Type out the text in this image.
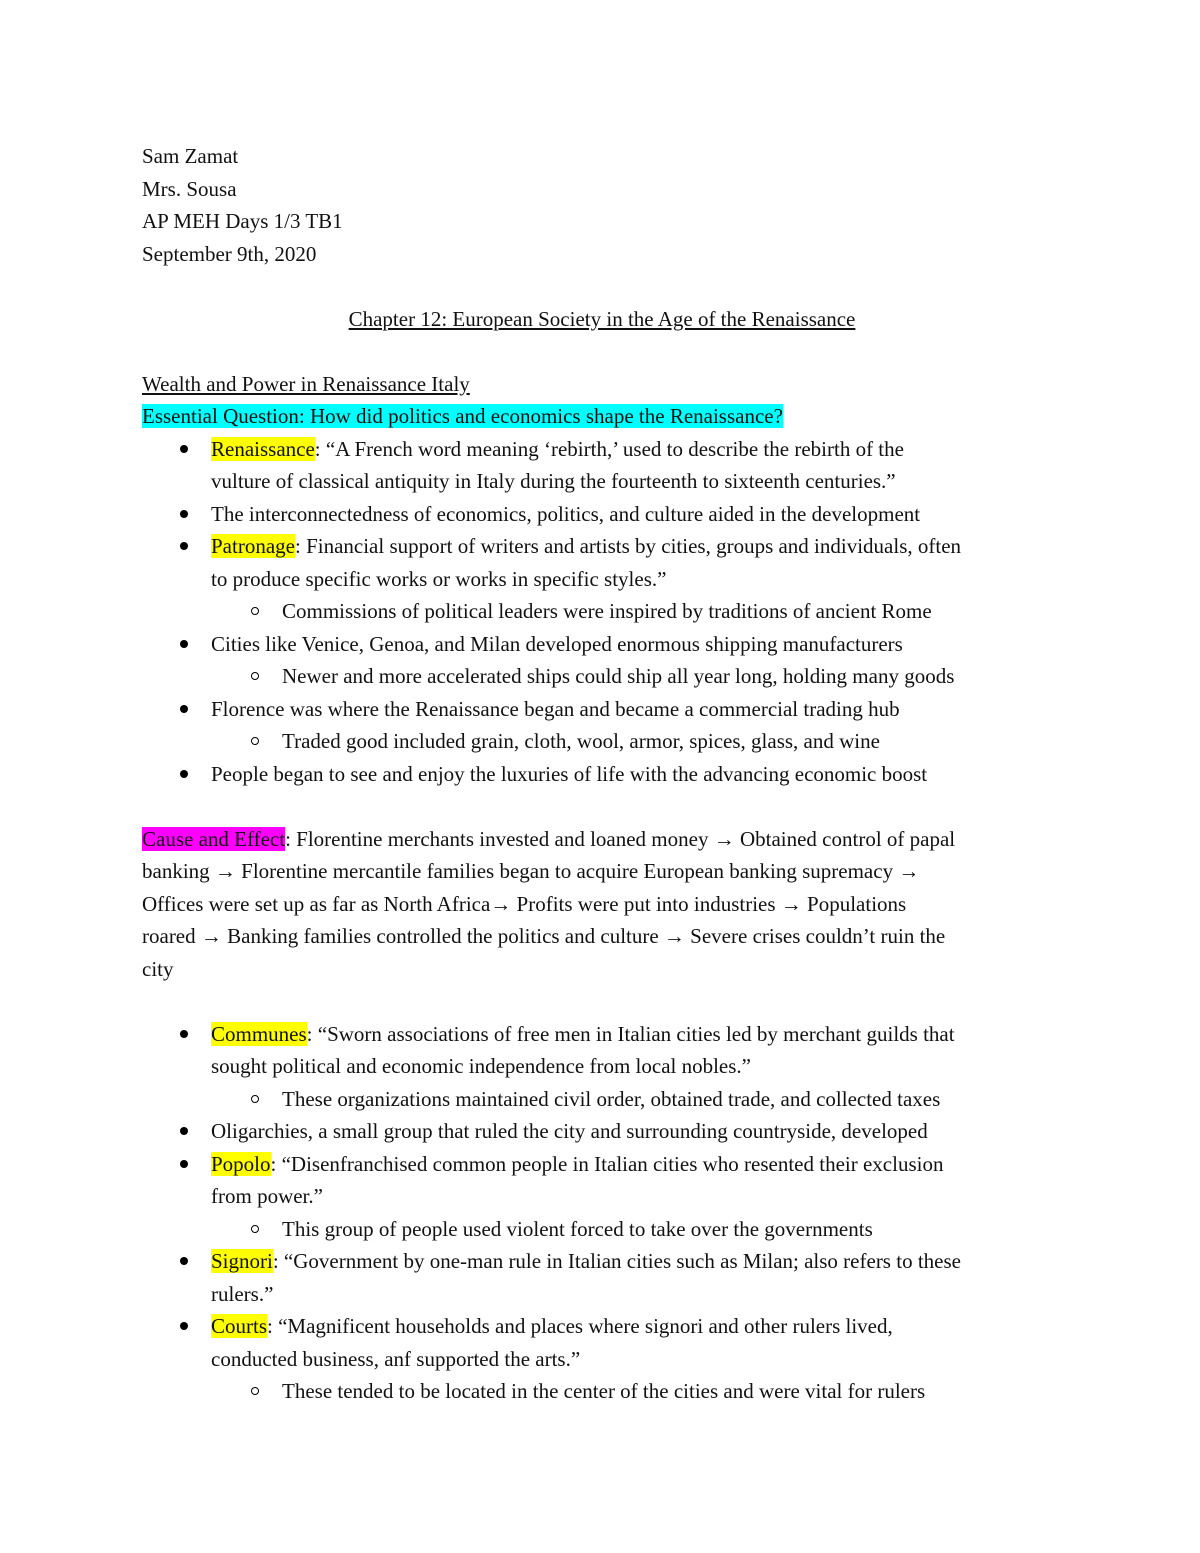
Sam Zamat
Mrs. Sousa
AP MEH Days 1/3 TB1
September 9th, 2020
Chapter 12: European Society in the Age of the Renaissance
Wealth and Power in Renaissance Italy
Essential Question: How did politics and economics shape the Renaissance?
Renaissance: “A French word meaning ‘rebirth,’ used to describe the rebirth of the
vulture of classical antiquity in Italy during the fourteenth to sixteenth centuries.”
The interconnectedness of economics, politics, and culture aided in the development
Patronage: Financial support of writers and artists by cities, groups and individuals, often
to produce specific works or works in specific styles.”
Commissions of political leaders were inspired by traditions of ancient Rome
Cities like Venice, Genoa, and Milan developed enormous shipping manufacturers
Newer and more accelerated ships could ship all year long, holding many goods
Florence was where the Renaissance began and became a commercial trading hub
Traded good included grain, cloth, wool, armor, spices, glass, and wine
People began to see and enjoy the luxuries of life with the advancing economic boost
Cause and Effect: Florentine merchants invested and loaned money → Obtained control of papal
banking → Florentine mercantile families began to acquire European banking supremacy →
Offices were set up as far as North Africa→ Profits were put into industries → Populations
roared → Banking families controlled the politics and culture → Severe crises couldn’t ruin the
city
Communes: “Sworn associations of free men in Italian cities led by merchant guilds that
sought political and economic independence from local nobles.”
These organizations maintained civil order, obtained trade, and collected taxes
Oligarchies, a small group that ruled the city and surrounding countryside, developed
Popolo: “Disenfranchised common people in Italian cities who resented their exclusion
from power.”
This group of people used violent forced to take over the governments
Signori: “Government by one-man rule in Italian cities such as Milan; also refers to these
rulers.”
Courts: “Magnificent households and places where signori and other rulers lived,
conducted business, anf supported the arts.”
These tended to be located in the center of the cities and were vital for rulers
